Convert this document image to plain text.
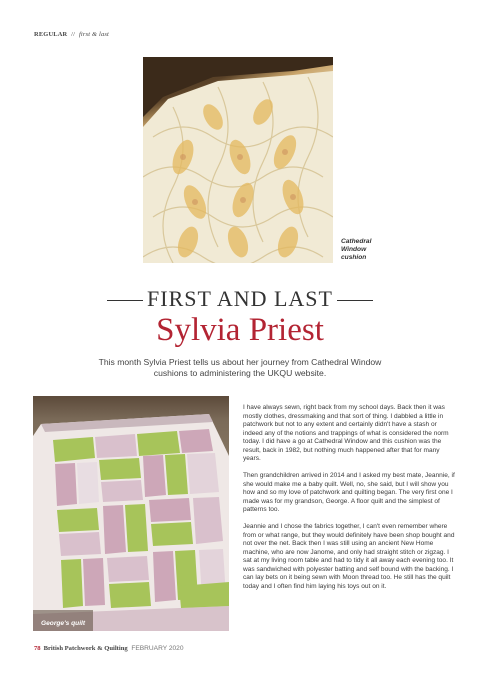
REGULAR // first & last
Cathedral
Window
cushion
FIRST AND LAST
Sylvia Priest
This month Sylvia Priest tells us about her journey from Cathedral Window cushions to administering the UKQU website.
George's quilt

I have always sewn, right back from my school days. Back then it was mostly clothes, dressmaking and that sort of thing. I dabbled a little in patchwork but not to any extent and certainly didn't have a stash or indeed any of the notions and trappings of what is considered the norm today. I did have a go at Cathedral Window and this cushion was the result, back in 1982, but nothing much happened after that for many years.

Then grandchildren arrived in 2014 and I asked my best mate, Jeannie, if she would make me a baby quilt. Well, no, she said, but I will show you how and so my love of patchwork and quilting began. The very first one I made was for my grandson, George. A floor quilt and the simplest of patterns too.

Jeannie and I chose the fabrics together, I can't even remember where from or what range, but they would definitely have been shop bought and not over the net. Back then I was still using an ancient New Home machine, who are now Janome, and only had straight stitch or zigzag. I sat at my living room table and had to tidy it all away each evening too. It was sandwiched with polyester batting and self bound with the backing. I can lay bets on it being sewn with Moon thread too. He still has the quilt today and I often find him laying his toys out on it.

78 British Patchwork & Quilting FEBRUARY 2020
